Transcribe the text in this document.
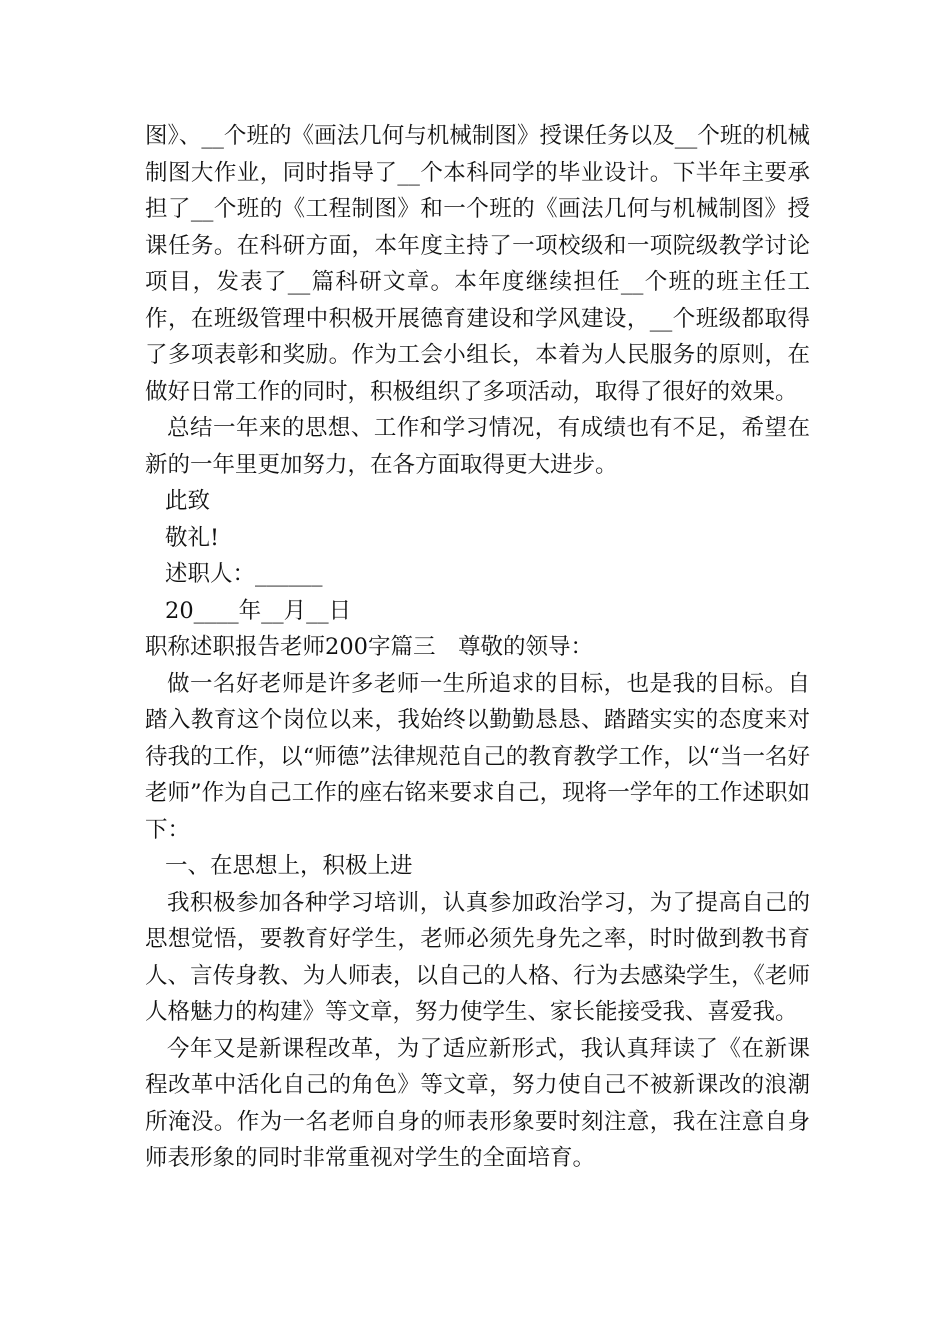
图》、__个班的《画法几何与机械制图》授课任务以及__个班的机械制图大作业，同时指导了__个本科同学的毕业设计。下半年主要承担了__个班的《工程制图》和一个班的《画法几何与机械制图》授课任务。在科研方面，本年度主持了一项校级和一项院级教学讨论项目，发表了__篇科研文章。本年度继续担任__个班的班主任工作，在班级管理中积极开展德育建设和学风建设，__个班级都取得了多项表彰和奖励。作为工会小组长，本着为人民服务的原则，在做好日常工作的同时，积极组织了多项活动，取得了很好的效果。

总结一年来的思想、工作和学习情况，有成绩也有不足，希望在新的一年里更加努力，在各方面取得更大进步。

此致

敬礼!

述职人：______

20____年__月__日

职称述职报告老师200字篇三　尊敬的领导：

做一名好老师是许多老师一生所追求的目标，也是我的目标。自踏入教育这个岗位以来，我始终以勤勤恳恳、踏踏实实的态度来对待我的工作，以“师德”法律规范自己的教育教学工作，以“当一名好老师”作为自己工作的座右铭来要求自己，现将一学年的工作述职如下：

一、在思想上，积极上进

我积极参加各种学习培训，认真参加政治学习，为了提高自己的思想觉悟，要教育好学生，老师必须先身先之率，时时做到教书育人、言传身教、为人师表，以自己的人格、行为去感染学生，《老师人格魅力的构建》等文章，努力使学生、家长能接受我、喜爱我。

今年又是新课程改革，为了适应新形式，我认真拜读了《在新课程改革中活化自己的角色》等文章，努力使自己不被新课改的浪潮所淹没。作为一名老师自身的师表形象要时刻注意，我在注意自身师表形象的同时非常重视对学生的全面培育。
